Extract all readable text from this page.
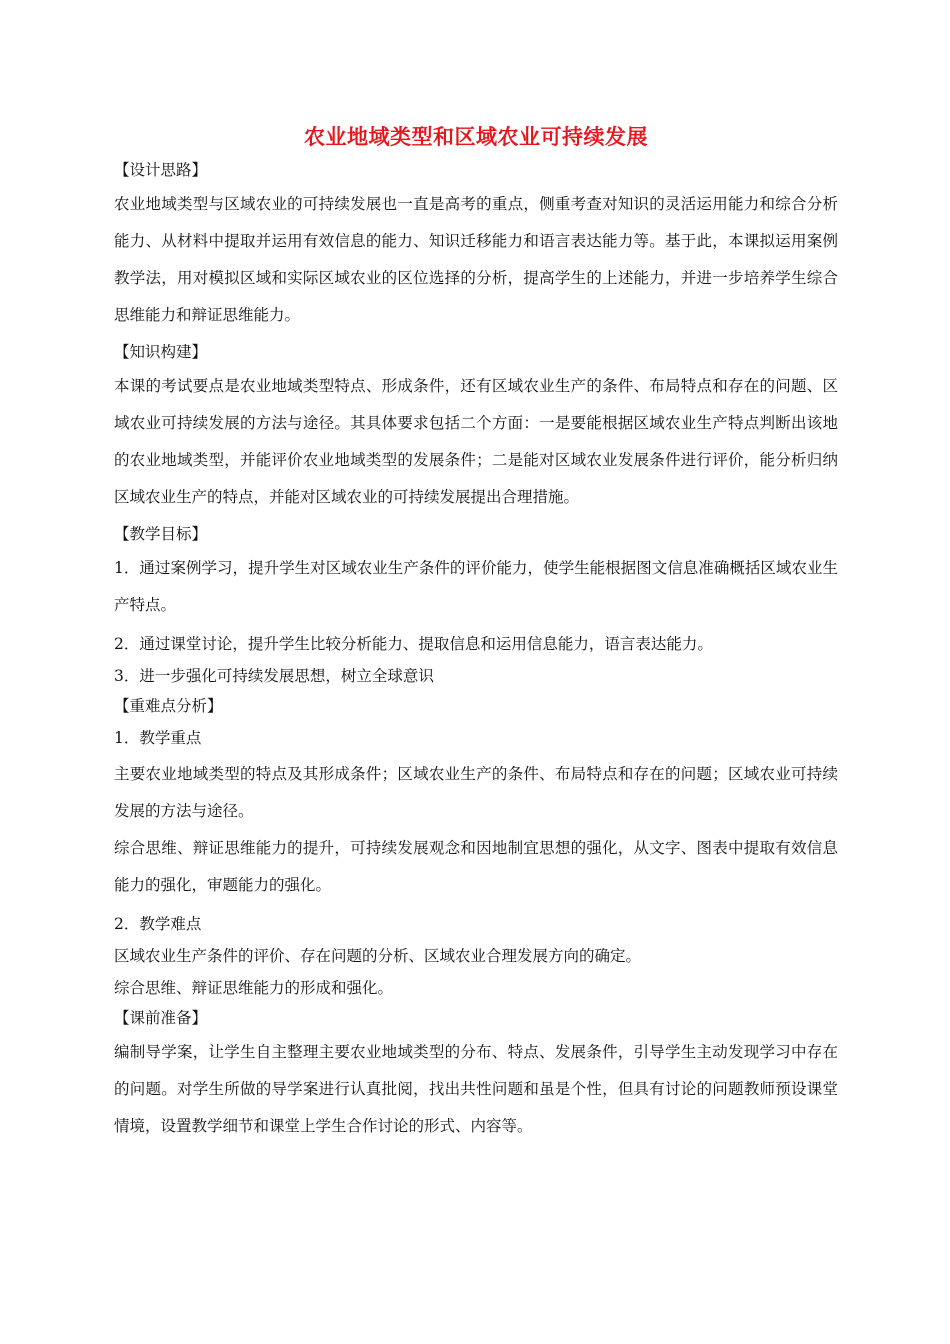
农业地域类型和区域农业可持续发展
【设计思路】

农业地域类型与区域农业的可持续发展也一直是高考的重点，侧重考查对知识的灵活运用能力和综合分析能力、从材料中提取并运用有效信息的能力、知识迁移能力和语言表达能力等。基于此，本课拟运用案例教学法，用对模拟区域和实际区域农业的区位选择的分析，提高学生的上述能力，并进一步培养学生综合思维能力和辩证思维能力。

【知识构建】

本课的考试要点是农业地域类型特点、形成条件，还有区域农业生产的条件、布局特点和存在的问题、区域农业可持续发展的方法与途径。其具体要求包括二个方面：一是要能根据区域农业生产特点判断出该地的农业地域类型，并能评价农业地域类型的发展条件；二是能对区域农业发展条件进行评价，能分析归纳区域农业生产的特点，并能对区域农业的可持续发展提出合理措施。

【教学目标】

1．通过案例学习，提升学生对区域农业生产条件的评价能力，使学生能根据图文信息准确概括区域农业生产特点。

2．通过课堂讨论，提升学生比较分析能力、提取信息和运用信息能力，语言表达能力。
3．进一步强化可持续发展思想，树立全球意识
【重难点分析】
1．教学重点

主要农业地域类型的特点及其形成条件；区域农业生产的条件、布局特点和存在的问题；区域农业可持续发展的方法与途径。

综合思维、辩证思维能力的提升，可持续发展观念和因地制宜思想的强化，从文字、图表中提取有效信息能力的强化，审题能力的强化。

2．教学难点
区域农业生产条件的评价、存在问题的分析、区域农业合理发展方向的确定。
综合思维、辩证思维能力的形成和强化。
【课前准备】

编制导学案，让学生自主整理主要农业地域类型的分布、特点、发展条件，引导学生主动发现学习中存在的问题。对学生所做的导学案进行认真批阅，找出共性问题和虽是个性，但具有讨论的问题教师预设课堂情境，设置教学细节和课堂上学生合作讨论的形式、内容等。
